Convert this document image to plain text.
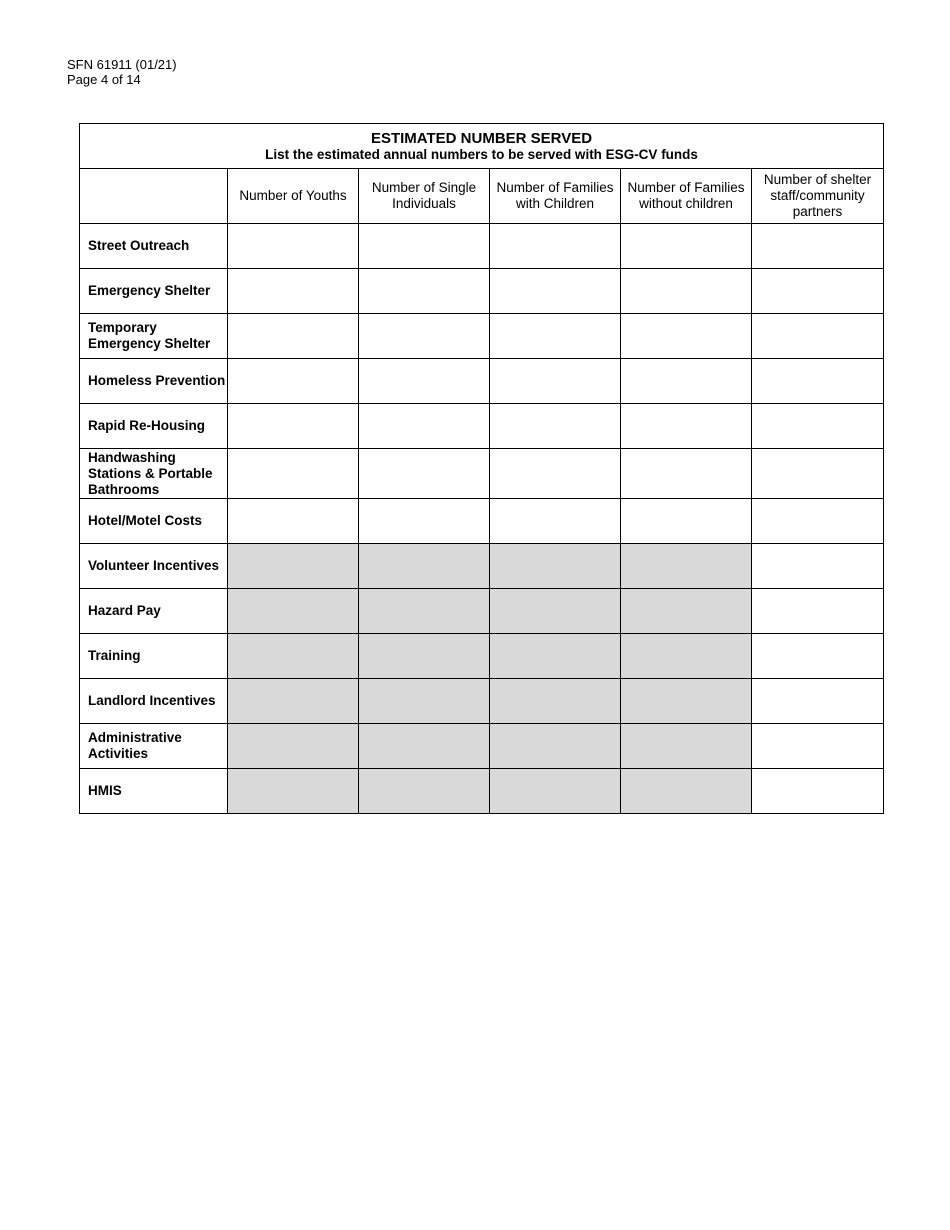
SFN 61911 (01/21)
Page 4 of 14
ESTIMATED NUMBER SERVED
List the estimated annual numbers to be served with ESG-CV funds					

	Number of Youths	Number of Single Individuals	Number of Families with Children	Number of Families without children	Number of shelter staff/community partners
Street Outreach					
Emergency Shelter					
Temporary Emergency Shelter					
Homeless Prevention					
Rapid Re-Housing					
Handwashing Stations & Portable Bathrooms					
Hotel/Motel Costs					
Volunteer Incentives					
Hazard Pay					
Training					
Landlord Incentives					
Administrative Activities					
HMIS					
